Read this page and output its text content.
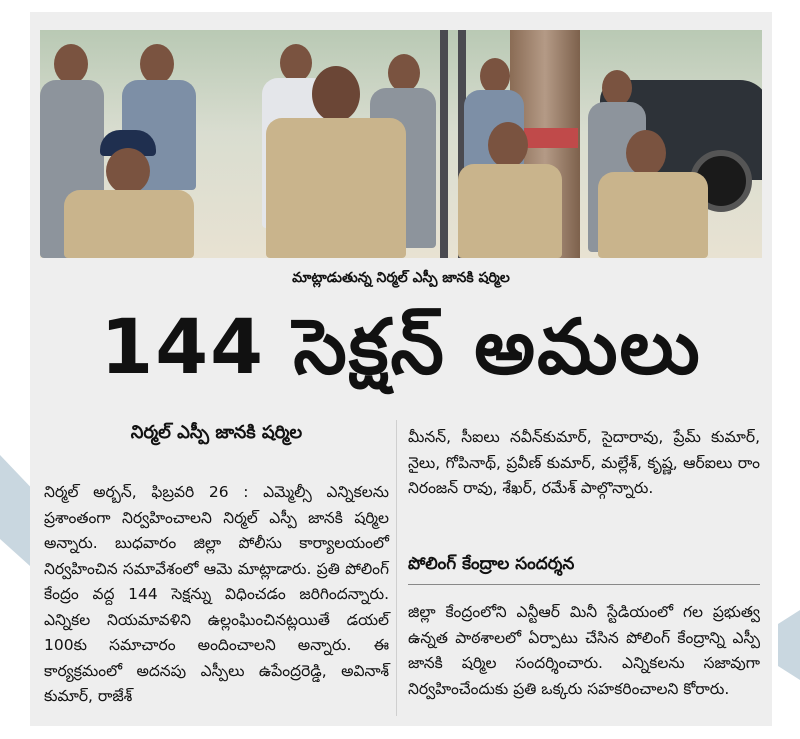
మాట్లాడుతున్న నిర్మల్ ఎస్పీ జానకి షర్మిల
144 సెక్షన్ అమలు
నిర్మల్ ఎస్పీ జానకి షర్మిల

నిర్మల్ అర్బన్, ఫిబ్రవరి 26 : ఎమ్మెల్సీ ఎన్నికలను ప్రశాంతంగా నిర్వహించాలని నిర్మల్ ఎస్పీ జానకి షర్మిల అన్నారు. బుధవారం జిల్లా పోలీసు కార్యాలయంలో నిర్వహించిన సమావేశంలో ఆమె మాట్లాడారు. ప్రతి పోలింగ్ కేంద్రం వద్ద 144 సెక్షన్ను విధించడం జరిగిందన్నారు. ఎన్నికల నియమావళిని ఉల్లంఘించినట్లయితే డయల్ 100కు సమాచారం అందించాలని అన్నారు. ఈ కార్యక్రమంలో అదనపు ఎస్పీలు ఉపేంద్రరెడ్డి, అవినాశ్ కుమార్, రాజేశ్

మీనన్, సీఐలు నవీన్‌కుమార్, సైదారావు, ప్రేమ్ కుమార్, నైలు, గోపినాథ్, ప్రవీణ్ కుమార్, మల్లేశ్, కృష్ణ, ఆర్ఐలు రాం నిరంజన్ రావు, శేఖర్, రమేశ్ పాల్గొన్నారు.

పోలింగ్ కేంద్రాల సందర్శన

జిల్లా కేంద్రంలోని ఎన్టీఆర్ మినీ స్టేడియంలో గల ప్రభుత్వ ఉన్నత పాఠశాలలో ఏర్పాటు చేసిన పోలింగ్ కేంద్రాన్ని ఎస్పీ జానకి షర్మిల సందర్శించారు. ఎన్నికలను సజావుగా నిర్వహించేందుకు ప్రతి ఒక్కరు సహకరించాలని కోరారు.
